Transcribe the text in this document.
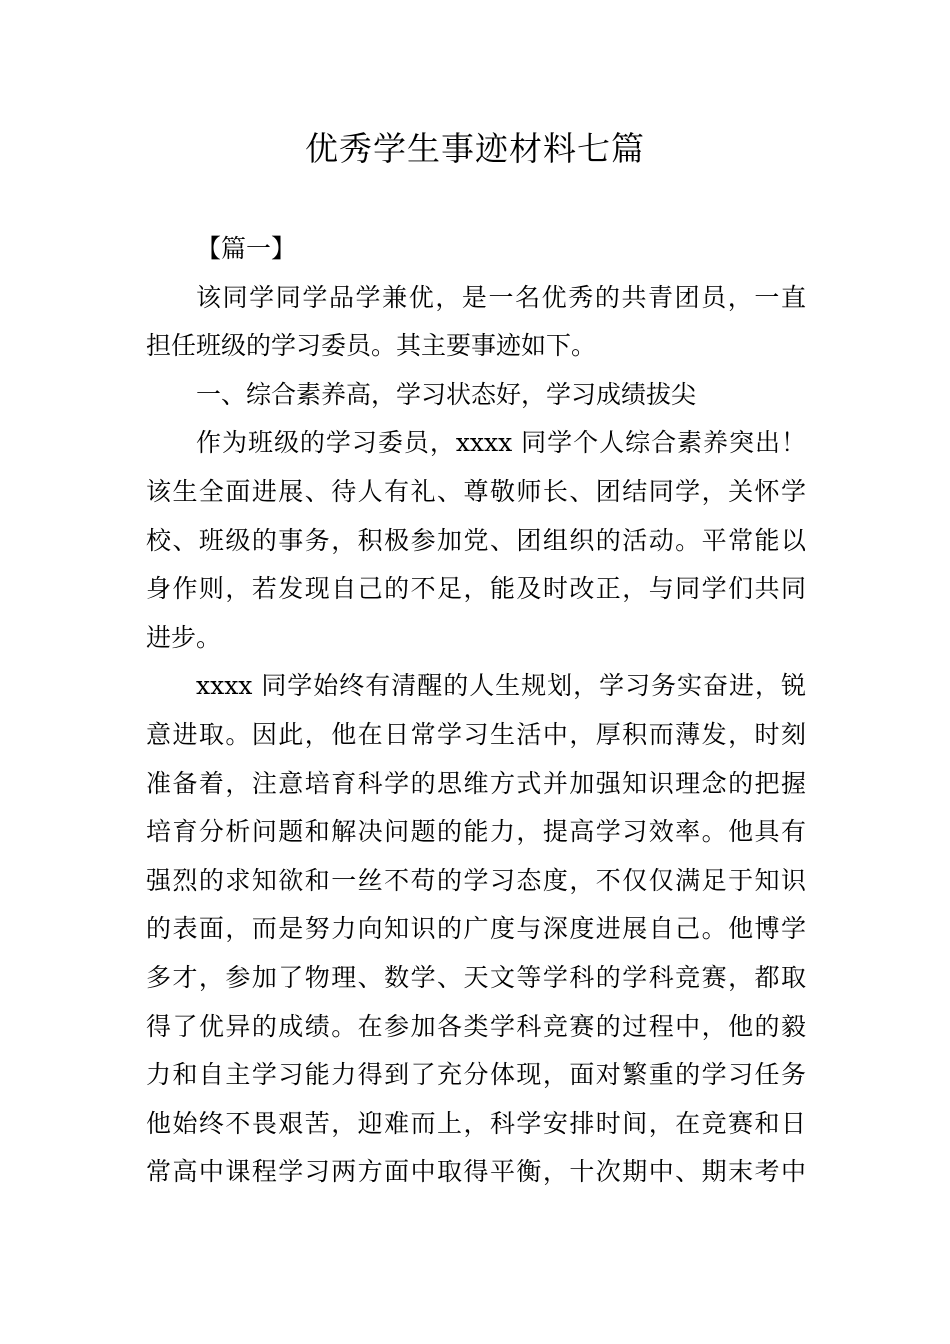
优秀学生事迹材料七篇
【篇一】
该同学同学品学兼优，是一名优秀的共青团员，一直
担任班级的学习委员。其主要事迹如下。
一、综合素养高，学习状态好，学习成绩拔尖
作为班级的学习委员，xxxx 同学个人综合素养突出！
该生全面进展、待人有礼、尊敬师长、团结同学，关怀学
校、班级的事务，积极参加党、团组织的活动。平常能以
身作则，若发现自己的不足，能及时改正，与同学们共同
进步。
xxxx 同学始终有清醒的人生规划，学习务实奋进，锐
意进取。因此，他在日常学习生活中，厚积而薄发，时刻
准备着，注意培育科学的思维方式并加强知识理念的把握
培育分析问题和解决问题的能力，提高学习效率。他具有
强烈的求知欲和一丝不苟的学习态度，不仅仅满足于知识
的表面，而是努力向知识的广度与深度进展自己。他博学
多才，参加了物理、数学、天文等学科的学科竞赛，都取
得了优异的成绩。在参加各类学科竞赛的过程中，他的毅
力和自主学习能力得到了充分体现，面对繁重的学习任务
他始终不畏艰苦，迎难而上，科学安排时间，在竞赛和日
常高中课程学习两方面中取得平衡，十次期中、期末考中
